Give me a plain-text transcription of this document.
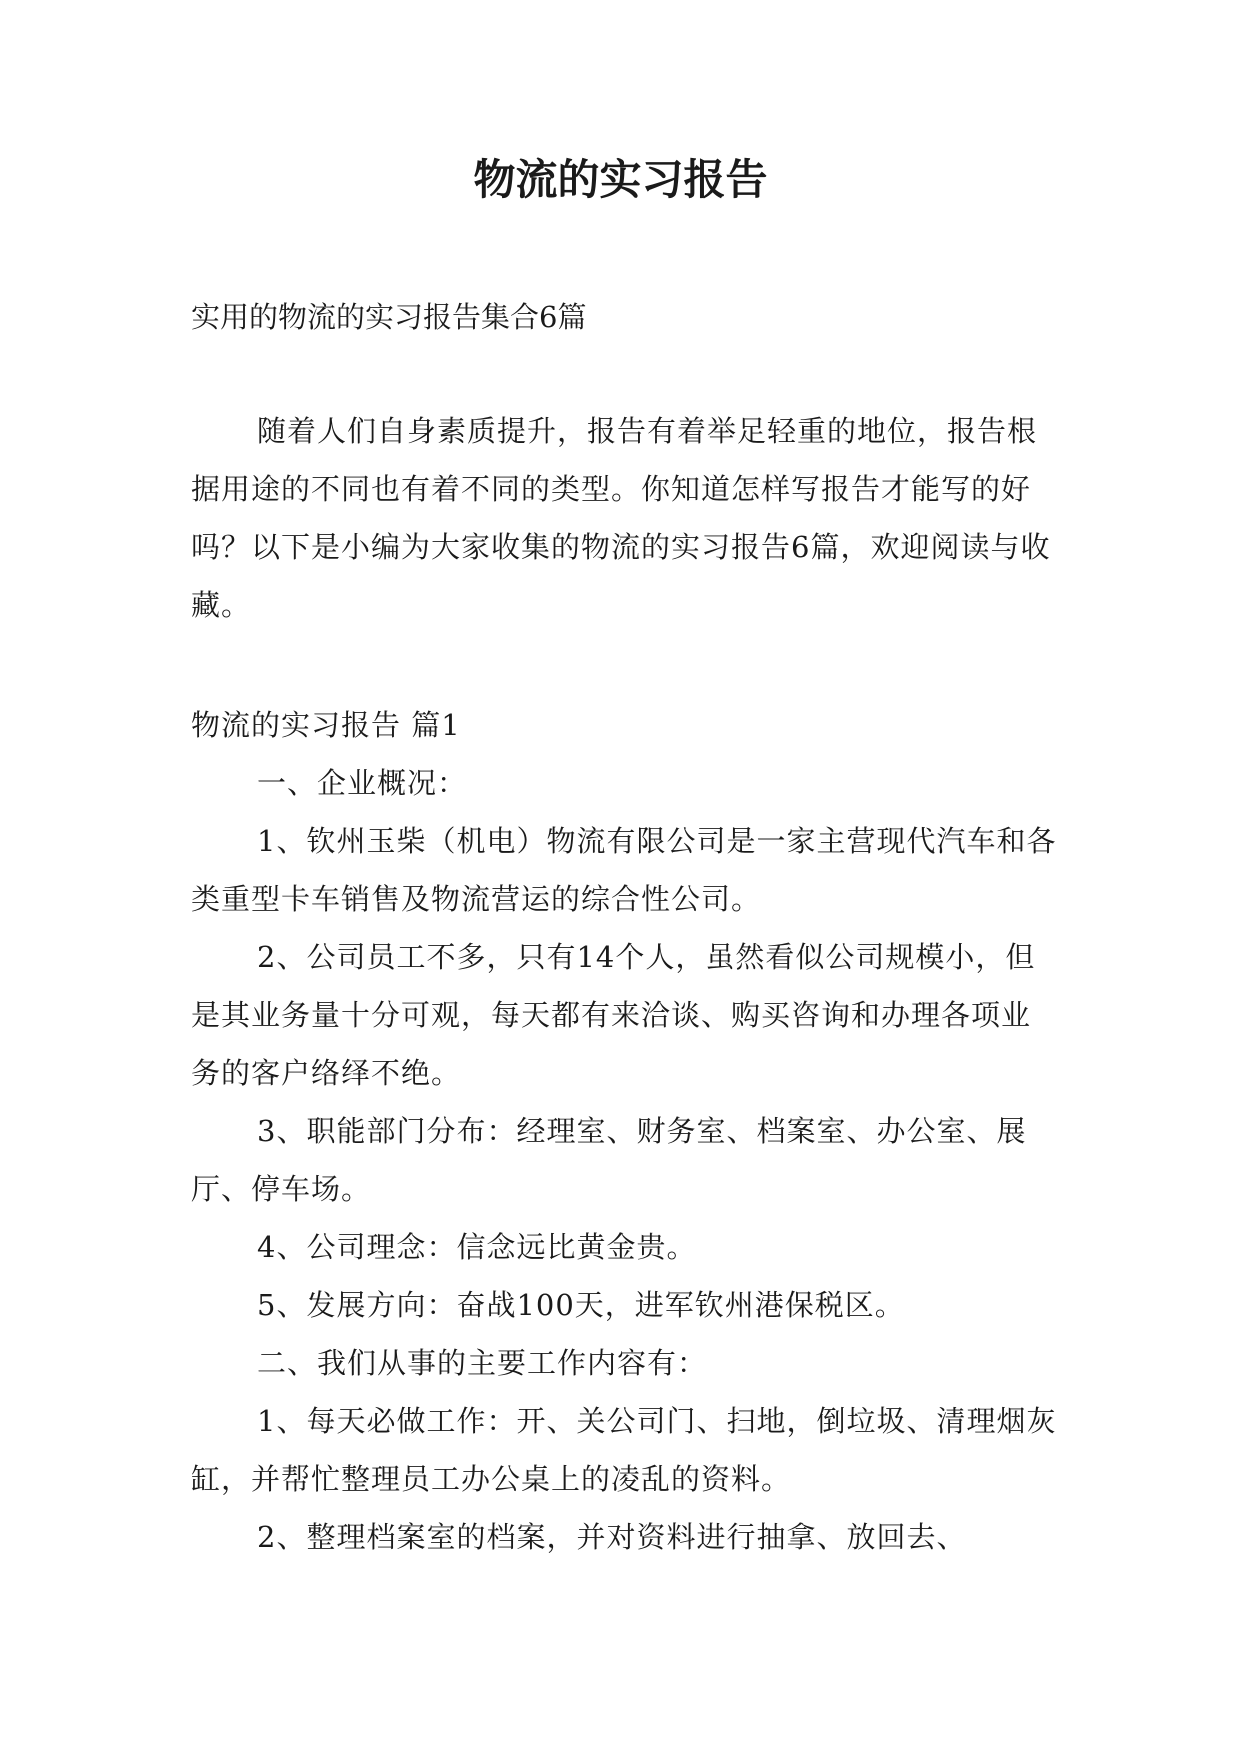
物流的实习报告

实用的物流的实习报告集合6篇

随着人们自身素质提升，报告有着举足轻重的地位，报告根据用途的不同也有着不同的类型。你知道怎样写报告才能写的好吗？以下是小编为大家收集的物流的实习报告6篇，欢迎阅读与收藏。

物流的实习报告 篇1

一、企业概况：

1、钦州玉柴（机电）物流有限公司是一家主营现代汽车和各类重型卡车销售及物流营运的综合性公司。

2、公司员工不多，只有14个人，虽然看似公司规模小，但是其业务量十分可观，每天都有来洽谈、购买咨询和办理各项业务的客户络绎不绝。

3、职能部门分布：经理室、财务室、档案室、办公室、展厅、停车场。

4、公司理念：信念远比黄金贵。

5、发展方向：奋战100天，进军钦州港保税区。

二、我们从事的主要工作内容有：

1、每天必做工作：开、关公司门、扫地，倒垃圾、清理烟灰缸，并帮忙整理员工办公桌上的凌乱的资料。

2、整理档案室的档案，并对资料进行抽拿、放回去、
